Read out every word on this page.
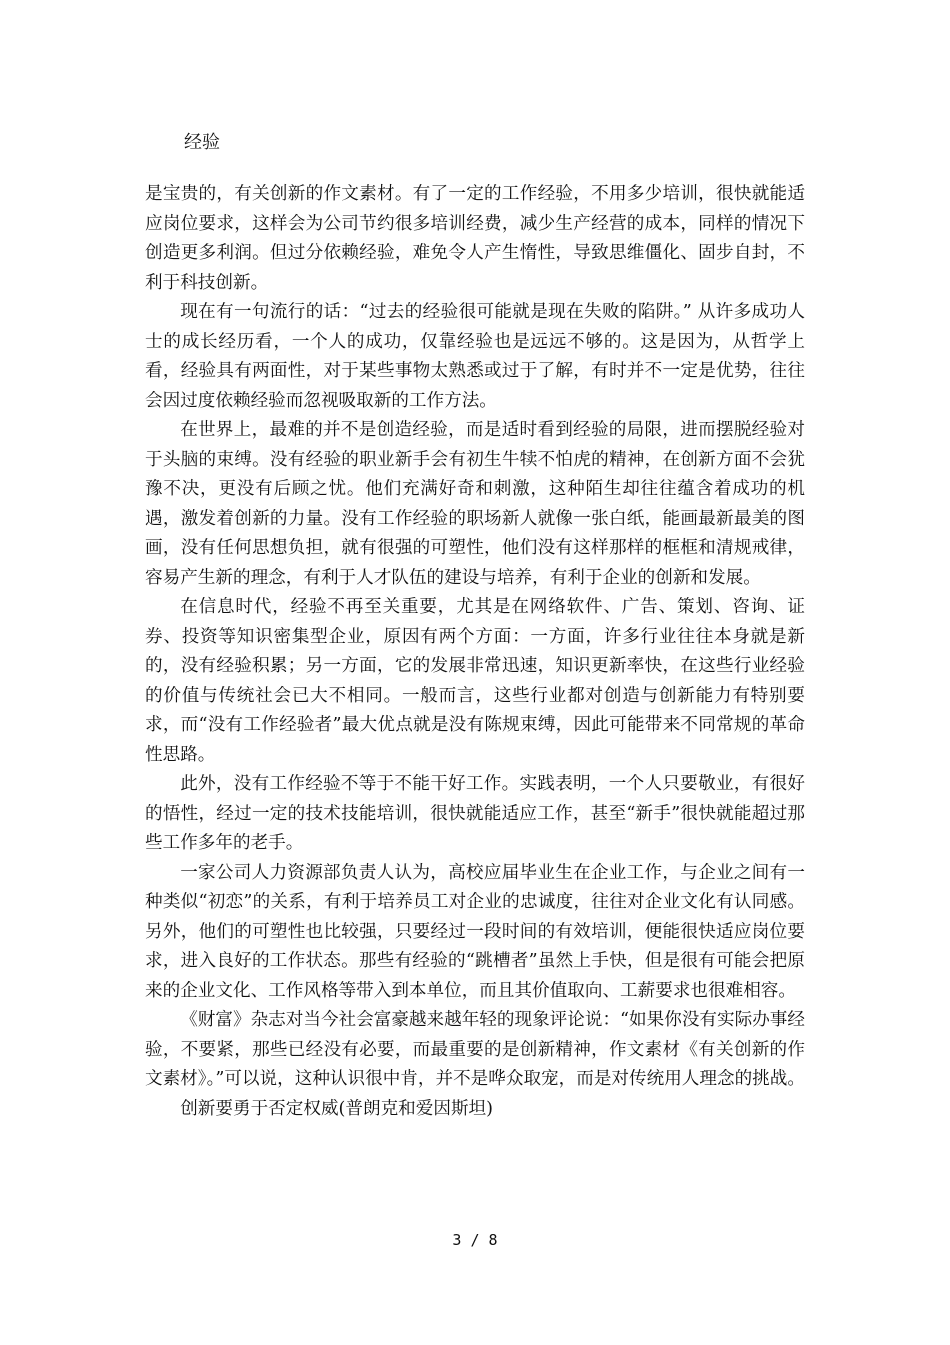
经验

是宝贵的，有关创新的作文素材。有了一定的工作经验，不用多少培训，很快就能适应岗位要求，这样会为公司节约很多培训经费，减少生产经营的成本，同样的情况下创造更多利润。但过分依赖经验，难免令人产生惰性，导致思维僵化、固步自封，不利于科技创新。

现在有一句流行的话：“过去的经验很可能就是现在失败的陷阱。” 从许多成功人士的成长经历看，一个人的成功，仅靠经验也是远远不够的。这是因为，从哲学上看，经验具有两面性，对于某些事物太熟悉或过于了解，有时并不一定是优势，往往会因过度依赖经验而忽视吸取新的工作方法。

在世界上，最难的并不是创造经验，而是适时看到经验的局限，进而摆脱经验对于头脑的束缚。没有经验的职业新手会有初生牛犊不怕虎的精神，在创新方面不会犹豫不决，更没有后顾之忧。他们充满好奇和刺激，这种陌生却往往蕴含着成功的机遇，激发着创新的力量。没有工作经验的职场新人就像一张白纸，能画最新最美的图画，没有任何思想负担，就有很强的可塑性，他们没有这样那样的框框和清规戒律，容易产生新的理念，有利于人才队伍的建设与培养，有利于企业的创新和发展。

在信息时代，经验不再至关重要，尤其是在网络软件、广告、策划、咨询、证券、投资等知识密集型企业，原因有两个方面：一方面，许多行业往往本身就是新的，没有经验积累；另一方面，它的发展非常迅速，知识更新率快，在这些行业经验的价值与传统社会已大不相同。一般而言，这些行业都对创造与创新能力有特别要求，而“没有工作经验者”最大优点就是没有陈规束缚，因此可能带来不同常规的革命性思路。

此外，没有工作经验不等于不能干好工作。实践表明，一个人只要敬业，有很好的悟性，经过一定的技术技能培训，很快就能适应工作，甚至“新手”很快就能超过那些工作多年的老手。

一家公司人力资源部负责人认为，高校应届毕业生在企业工作，与企业之间有一种类似“初恋”的关系，有利于培养员工对企业的忠诚度，往往对企业文化有认同感。另外，他们的可塑性也比较强，只要经过一段时间的有效培训，便能很快适应岗位要求，进入良好的工作状态。那些有经验的“跳槽者”虽然上手快，但是很有可能会把原来的企业文化、工作风格等带入到本单位，而且其价值取向、工薪要求也很难相容。

《财富》杂志对当今社会富豪越来越年轻的现象评论说：“如果你没有实际办事经验，不要紧，那些已经没有必要，而最重要的是创新精神，作文素材《有关创新的作文素材》。”可以说，这种认识很中肯，并不是哗众取宠，而是对传统用人理念的挑战。

创新要勇于否定权威(普朗克和爱因斯坦)

3 / 8
